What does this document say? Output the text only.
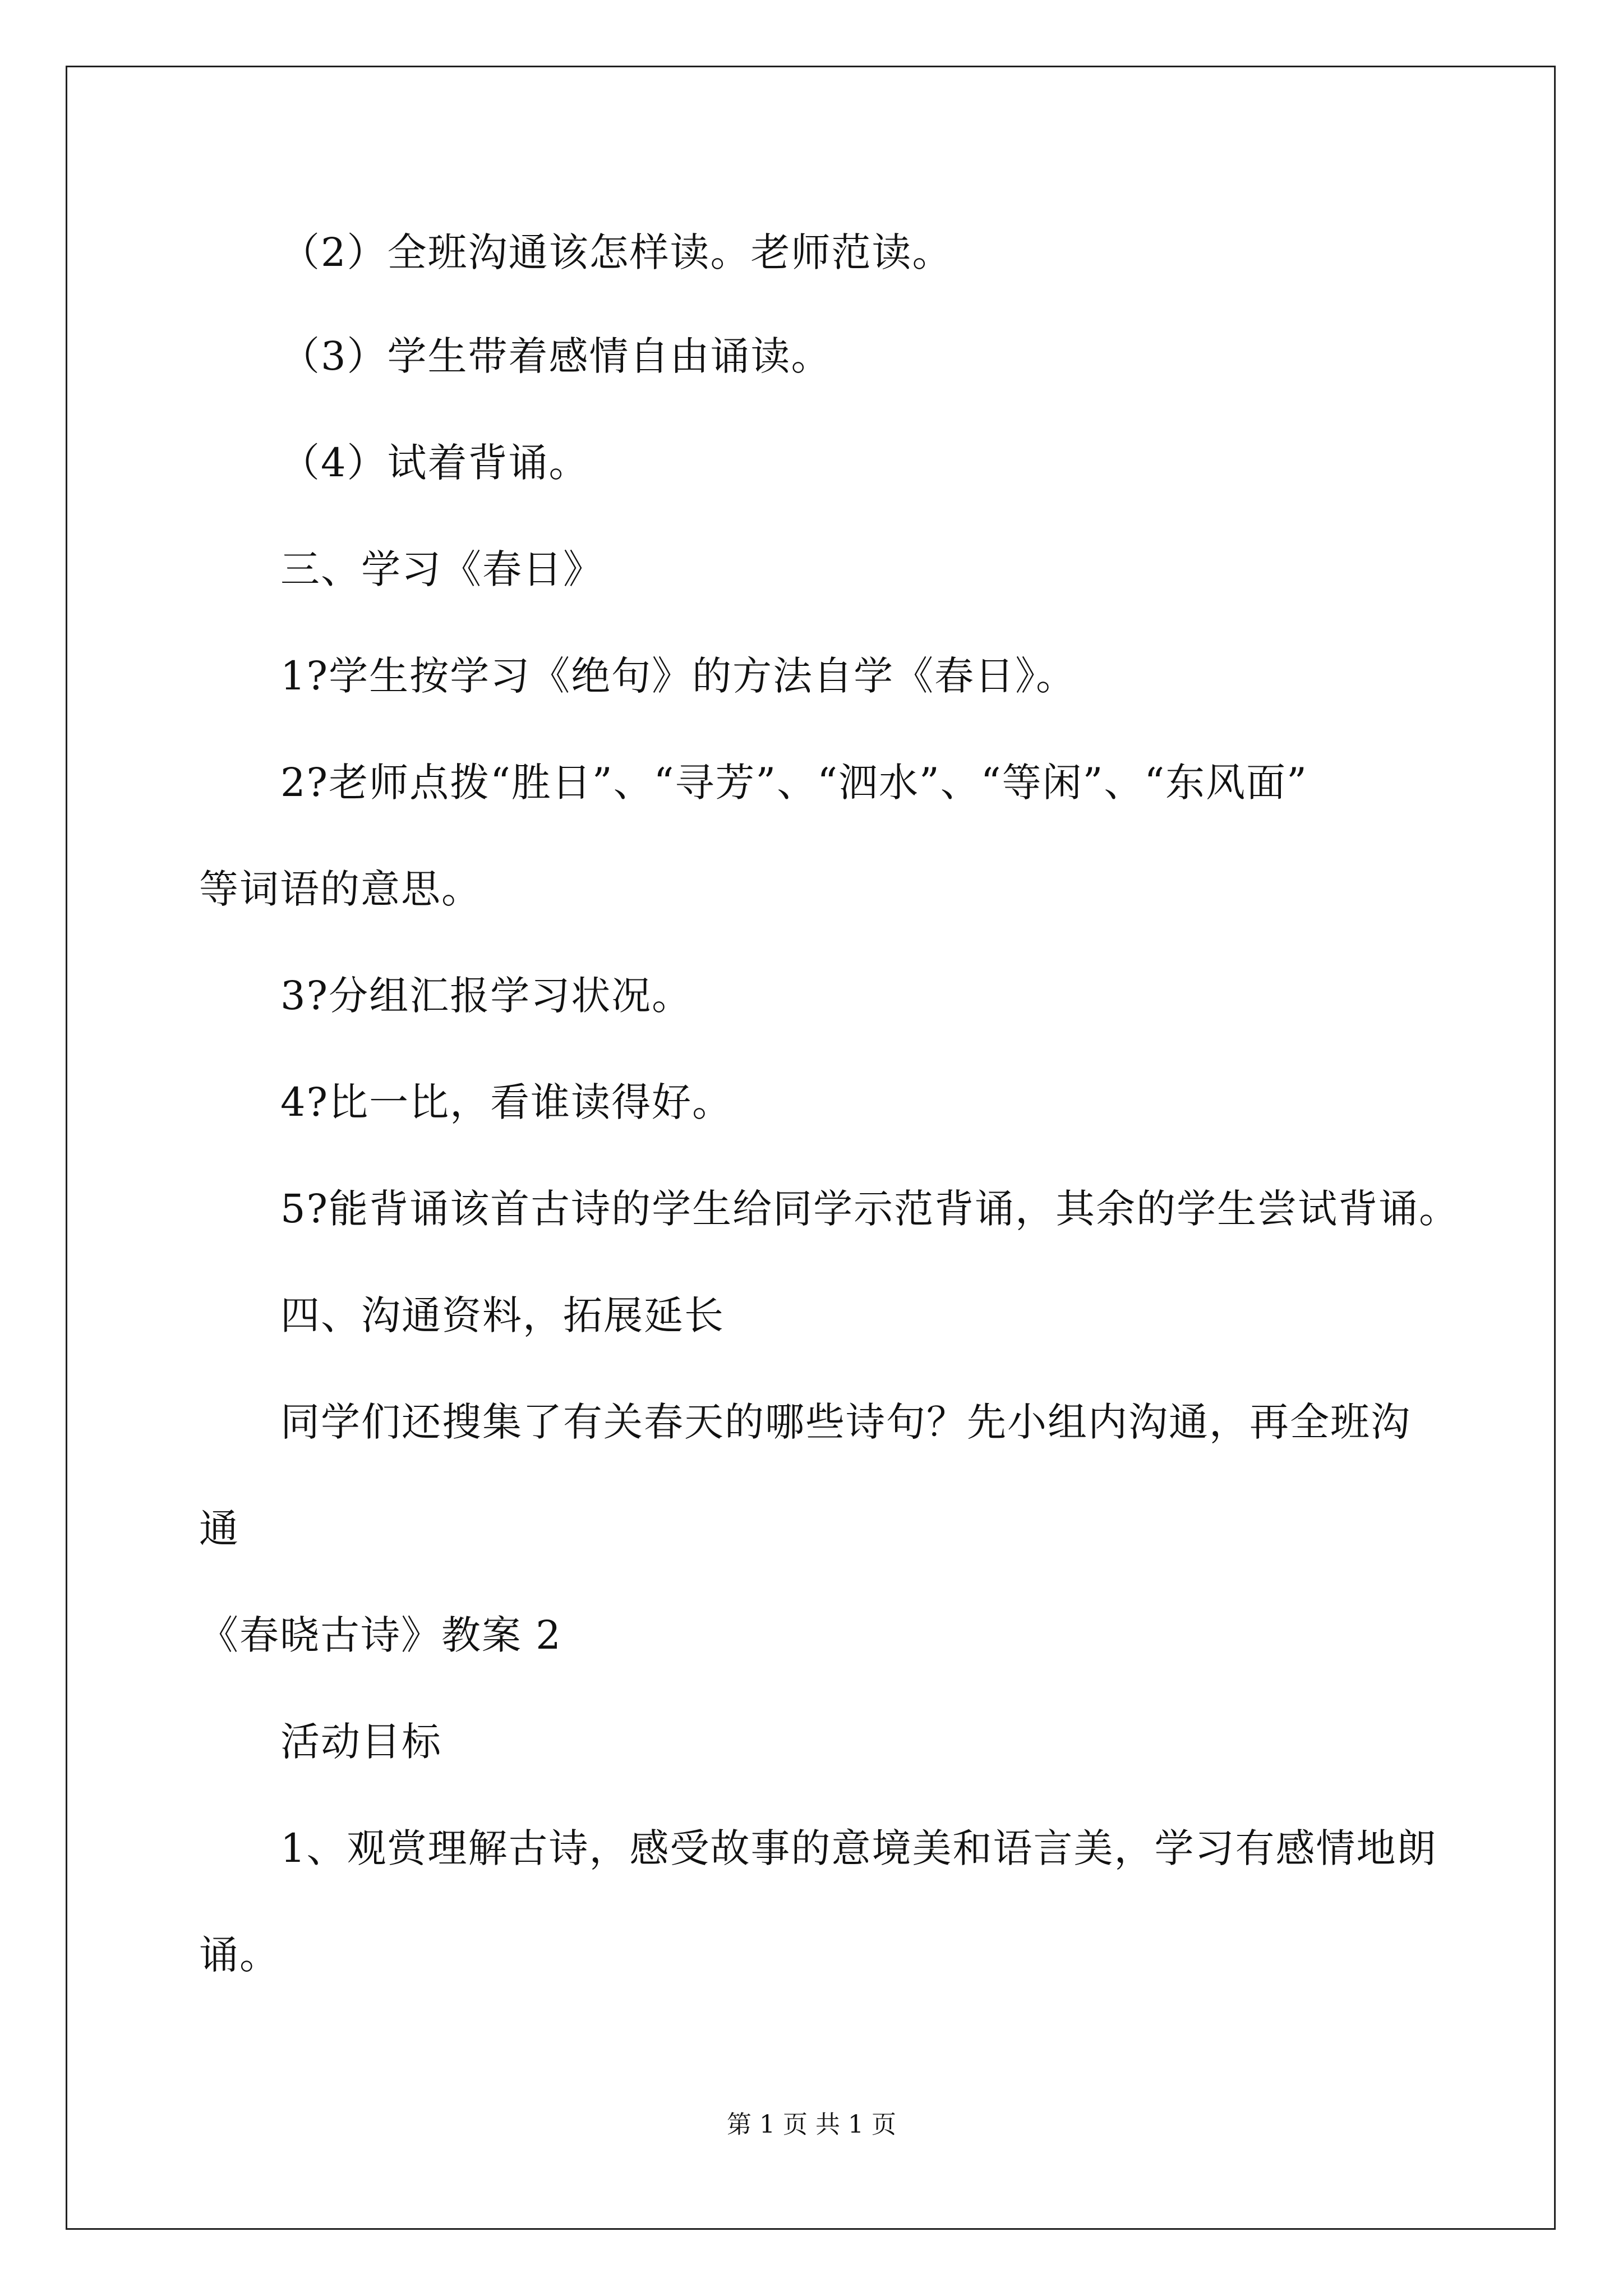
（2）全班沟通该怎样读。老师范读。
（3）学生带着感情自由诵读。
（4）试着背诵。
三、学习《春日》
1?学生按学习《绝句》的方法自学《春日》。
2?老师点拨“胜日”、“寻芳”、“泗水”、“等闲”、“东风面”
等词语的意思。
3?分组汇报学习状况。
4?比一比，看谁读得好。
5?能背诵该首古诗的学生给同学示范背诵，其余的学生尝试背诵。
四、沟通资料，拓展延长
同学们还搜集了有关春天的哪些诗句？先小组内沟通，再全班沟
通
《春晓古诗》教案 2
活动目标
1、观赏理解古诗，感受故事的意境美和语言美，学习有感情地朗
诵。
第 1 页 共 1 页
